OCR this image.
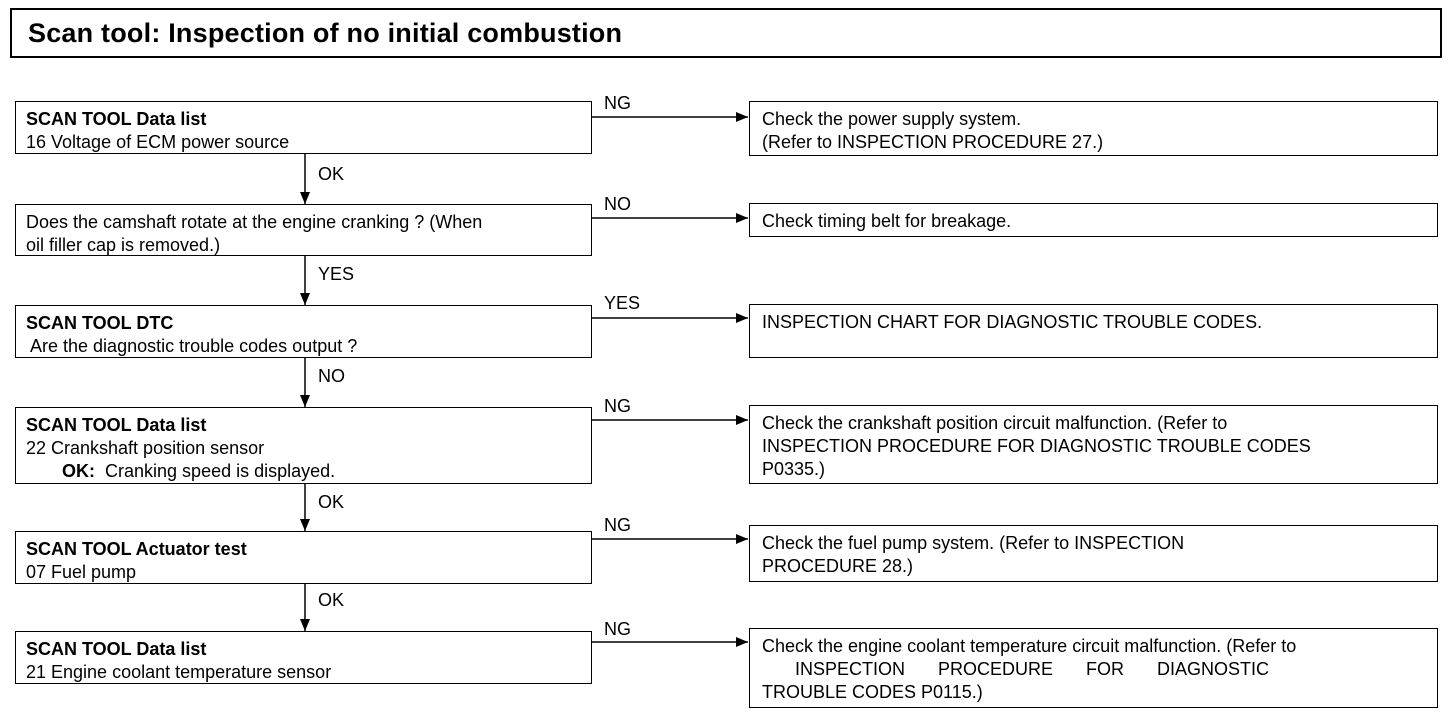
Scan tool: Inspection of no initial combustion
SCAN TOOL Data list
16 Voltage of ECM power source
NG
Check the power supply system.
(Refer to INSPECTION PROCEDURE 27.)
OK
Does the camshaft rotate at the engine cranking ? (When
oil filler cap is removed.)
NO
Check timing belt for breakage.
YES
SCAN TOOL DTC
Are the diagnostic trouble codes output ?
YES
INSPECTION CHART FOR DIAGNOSTIC TROUBLE CODES.
NO
SCAN TOOL Data list
22 Crankshaft position sensor
OK: Cranking speed is displayed.
NG
Check the crankshaft position circuit malfunction. (Refer to
INSPECTION PROCEDURE FOR DIAGNOSTIC TROUBLE CODES
P0335.)
OK
SCAN TOOL Actuator test
07 Fuel pump
NG
Check the fuel pump system. (Refer to INSPECTION
PROCEDURE 28.)
OK
SCAN TOOL Data list
21 Engine coolant temperature sensor
NG
Check the engine coolant temperature circuit malfunction. (Refer to
INSPECTION PROCEDURE FOR DIAGNOSTIC
TROUBLE CODES P0115.)
